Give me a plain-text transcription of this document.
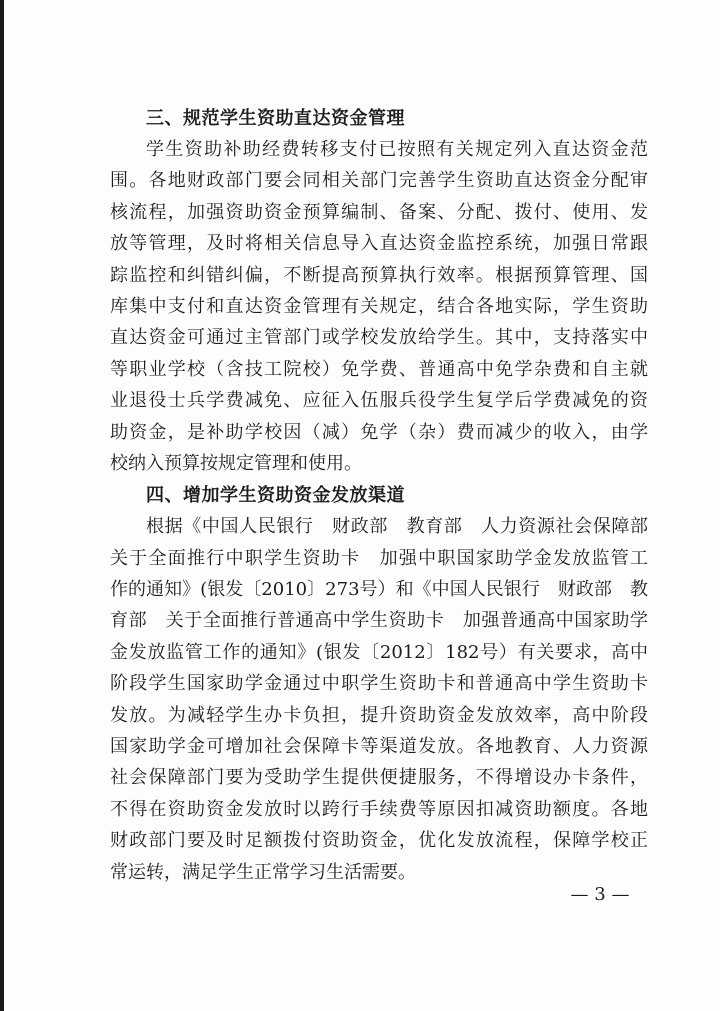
三、规范学生资助直达资金管理
学生资助补助经费转移支付已按照有关规定列入直达资金范
围。各地财政部门要会同相关部门完善学生资助直达资金分配审
核流程，加强资助资金预算编制、备案、分配、拨付、使用、发
放等管理，及时将相关信息导入直达资金监控系统，加强日常跟
踪监控和纠错纠偏，不断提高预算执行效率。根据预算管理、国
库集中支付和直达资金管理有关规定，结合各地实际，学生资助
直达资金可通过主管部门或学校发放给学生。其中，支持落实中
等职业学校（含技工院校）免学费、普通高中免学杂费和自主就
业退役士兵学费减免、应征入伍服兵役学生复学后学费减免的资
助资金，是补助学校因（减）免学（杂）费而减少的收入，由学
校纳入预算按规定管理和使用。
四、增加学生资助资金发放渠道
根据《中国人民银行　财政部　教育部　人力资源社会保障部
关于全面推行中职学生资助卡　加强中职国家助学金发放监管工
作的通知》(银发〔2010〕273号）和《中国人民银行　财政部　教
育部　关于全面推行普通高中学生资助卡　加强普通高中国家助学
金发放监管工作的通知》(银发〔2012〕182号）有关要求，高中
阶段学生国家助学金通过中职学生资助卡和普通高中学生资助卡
发放。为减轻学生办卡负担，提升资助资金发放效率，高中阶段
国家助学金可增加社会保障卡等渠道发放。各地教育、人力资源
社会保障部门要为受助学生提供便捷服务，不得增设办卡条件，
不得在资助资金发放时以跨行手续费等原因扣减资助额度。各地
财政部门要及时足额拨付资助资金，优化发放流程，保障学校正
常运转，满足学生正常学习生活需要。
— 3 —
